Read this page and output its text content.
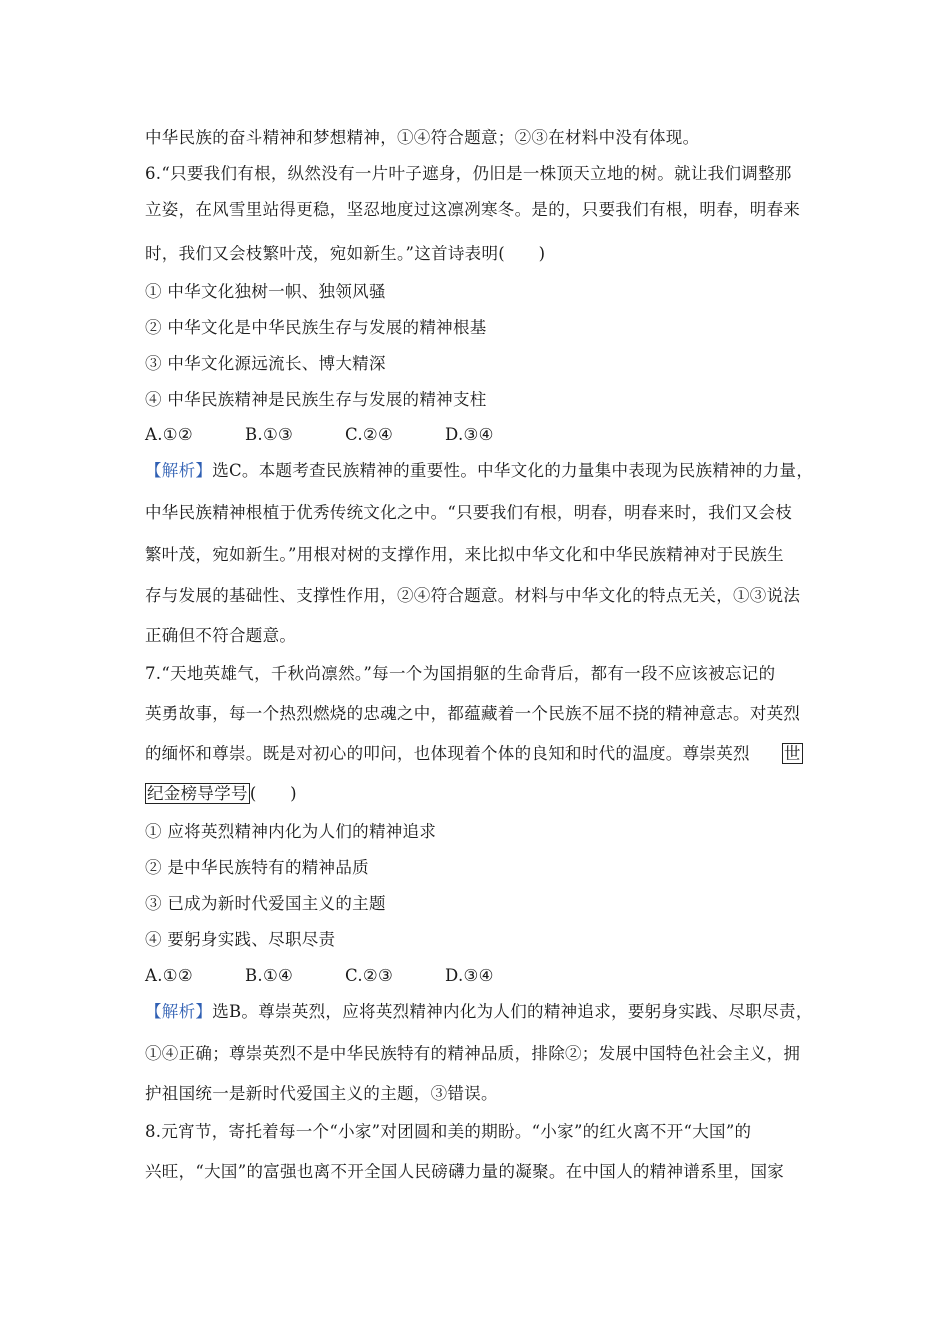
中华民族的奋斗精神和梦想精神，①④符合题意；②③在材料中没有体现。
6.“只要我们有根，纵然没有一片叶子遮身，仍旧是一株顶天立地的树。就让我们调整那
立姿，在风雪里站得更稳，坚忍地度过这凛冽寒冬。是的，只要我们有根，明春，明春来
时，我们又会枝繁叶茂，宛如新生。”这首诗表明(　　)
① 中华文化独树一帜、独领风骚
② 中华文化是中华民族生存与发展的精神根基
③ 中华文化源远流长、博大精深
④ 中华民族精神是民族生存与发展的精神支柱
A.①②	B.①③	C.②④	D.③④
【解析】选C。本题考查民族精神的重要性。中华文化的力量集中表现为民族精神的力量，
中华民族精神根植于优秀传统文化之中。“只要我们有根，明春，明春来时，我们又会枝
繁叶茂，宛如新生。”用根对树的支撑作用，来比拟中华文化和中华民族精神对于民族生
存与发展的基础性、支撑性作用，②④符合题意。材料与中华文化的特点无关，①③说法
正确但不符合题意。
7.“天地英雄气，千秋尚凛然。”每一个为国捐躯的生命背后，都有一段不应该被忘记的
英勇故事，每一个热烈燃烧的忠魂之中，都蕴藏着一个民族不屈不挠的精神意志。对英烈
的缅怀和尊崇。既是对初心的叩问，也体现着个体的良知和时代的温度。尊崇英烈 世
纪金榜导学号 (　　)
① 应将英烈精神内化为人们的精神追求
② 是中华民族特有的精神品质
③ 已成为新时代爱国主义的主题
④ 要躬身实践、尽职尽责
A.①②	B.①④	C.②③	D.③④
【解析】选B。尊崇英烈，应将英烈精神内化为人们的精神追求，要躬身实践、尽职尽责，
①④正确；尊崇英烈不是中华民族特有的精神品质，排除②；发展中国特色社会主义，拥
护祖国统一是新时代爱国主义的主题，③错误。
8.元宵节，寄托着每一个“小家”对团圆和美的期盼。“小家”的红火离不开“大国”的
兴旺，“大国”的富强也离不开全国人民磅礴力量的凝聚。在中国人的精神谱系里，国家
